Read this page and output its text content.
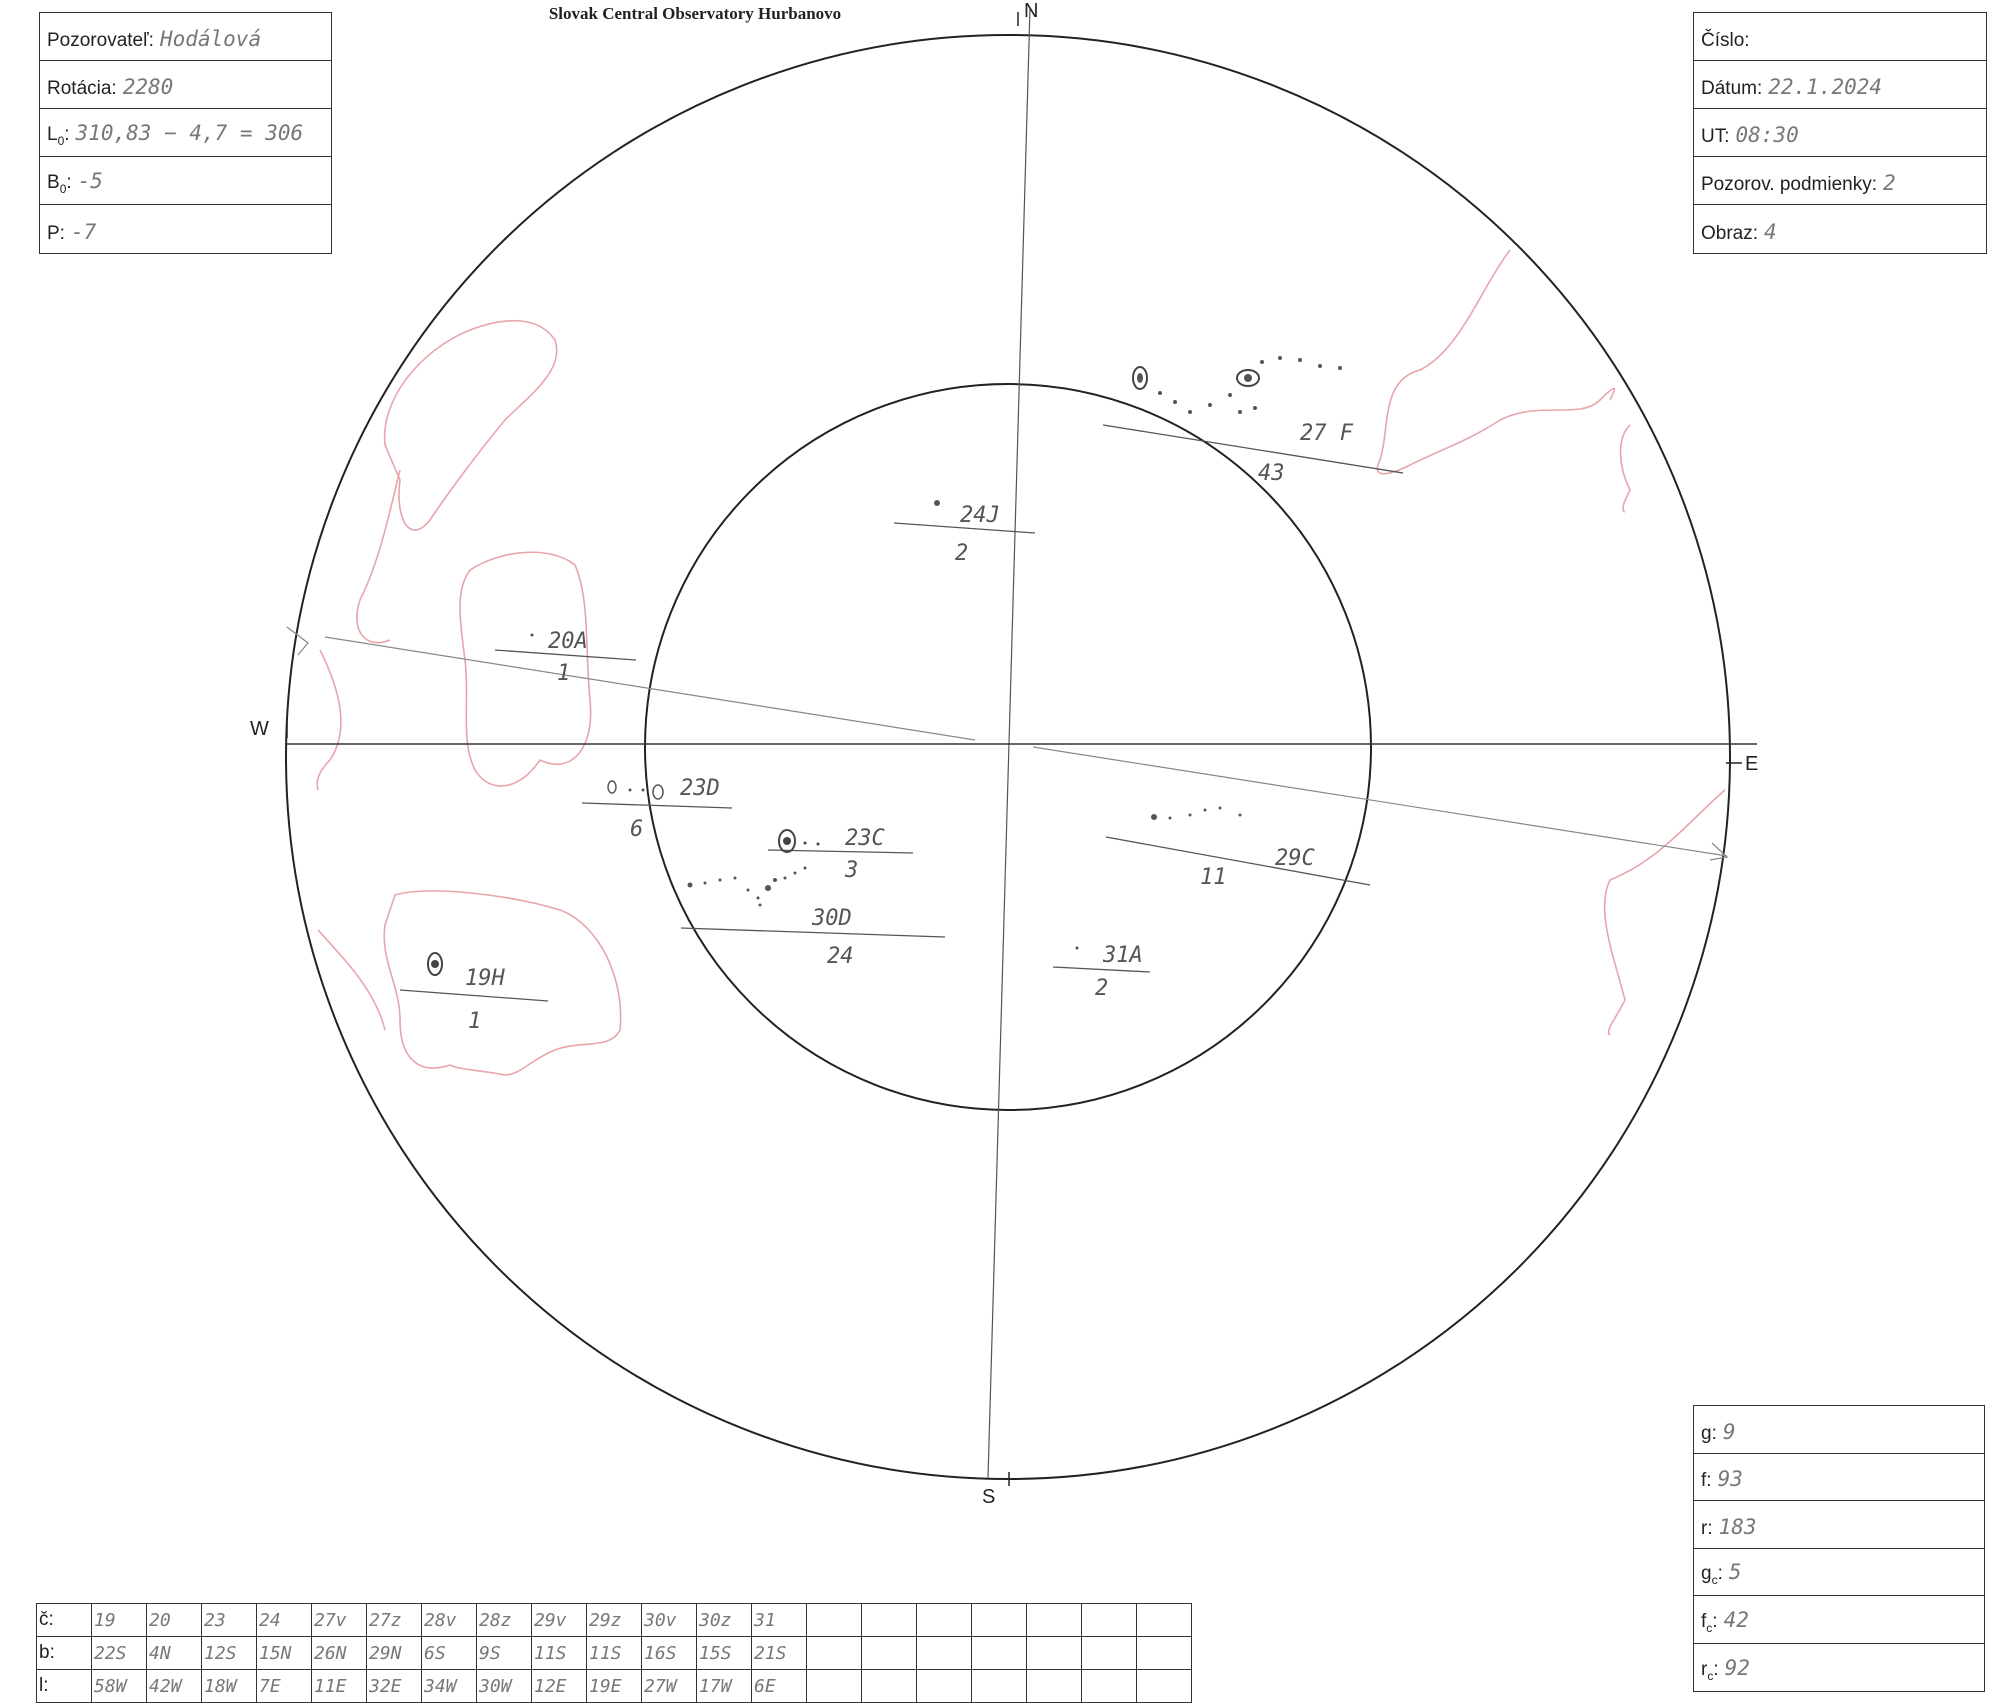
Slovak Central Observatory Hurbanovo
Pozorovateľ: Hodálová
Rotácia: 2280
$L_0$: 310,83 − 4,7 = 306
$B_0$: -5
P: -7
Číslo:
Dátum: 22.1.2024
UT: 08:30
Pozorov. podmienky: 2
Obraz: 4
g: 9
f: 93
r: 183
$g_c$: 5
$f_c$: 42
$r_c$: 92
N
S
W
E
27 F
43
24J
2
20A
1
23D
6	23C
3
30D
24
19H
1
29C
11
31A
2
č:	19	20	23	24	27v	27z	28v	28z	29v	29z	30v	30z	31							
b:	22S	4N	12S	15N	26N	29N	6S	9S	11S	11S	16S	15S	21S							
l:	58W	42W	18W	7E	11E	32E	34W	30W	12E	19E	27W	17W	6E							
